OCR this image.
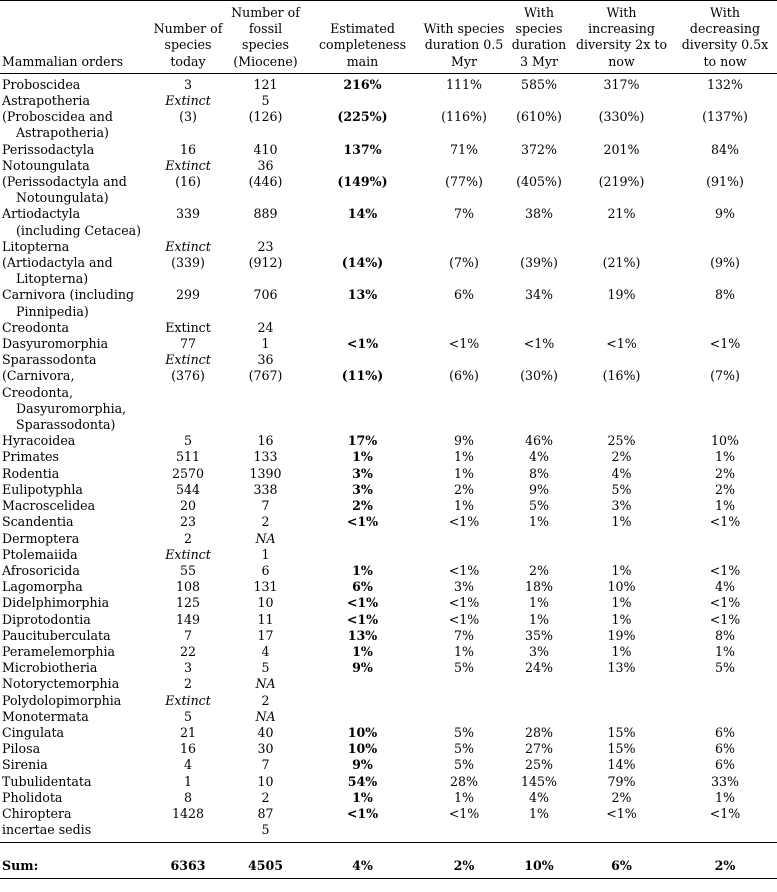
Mammalian orders	Number of species today	Number of fossil species (Miocene)	Estimated completeness main	With species duration 0.5 Myr	With species duration 3 Myr	With increasing diversity 2x to now	With decreasing diversity 0.5x to now
Proboscidea	3	121	216%	111%	585%	317%	132%
Astrapotheria	Extinct	5					
(Proboscidea and
Astrapotheria)	(3)	(126)	(225%)	(116%)	(610%)	(330%)	(137%)
Perissodactyla	16	410	137%	71%	372%	201%	84%
Notoungulata	Extinct	36					
(Perissodactyla and
Notoungulata)	(16)	(446)	(149%)	(77%)	(405%)	(219%)	(91%)
Artiodactyla
(including Cetacea)	339	889	14%	7%	38%	21%	9%
Litopterna	Extinct	23					
(Artiodactyla and
Litopterna)	(339)	(912)	(14%)	(7%)	(39%)	(21%)	(9%)
Carnivora (including
Pinnipedia)	299	706	13%	6%	34%	19%	8%
Creodonta	Extinct	24					
Dasyuromorphia	77	1	<1%	<1%	<1%	<1%	<1%
Sparassodonta	Extinct	36					
(Carnivora, Creodonta,
Dasyuromorphia,
Sparassodonta)	(376)	(767)	(11%)	(6%)	(30%)	(16%)	(7%)
Hyracoidea	5	16	17%	9%	46%	25%	10%
Primates	511	133	1%	1%	4%	2%	1%
Rodentia	2570	1390	3%	1%	8%	4%	2%
Eulipotyphla	544	338	3%	2%	9%	5%	2%
Macroscelidea	20	7	2%	1%	5%	3%	1%
Scandentia	23	2	<1%	<1%	1%	1%	<1%
Dermoptera	2	NA					
Ptolemaiida	Extinct	1					
Afrosoricida	55	6	1%	<1%	2%	1%	<1%
Lagomorpha	108	131	6%	3%	18%	10%	4%
Didelphimorphia	125	10	<1%	<1%	1%	1%	<1%
Diprotodontia	149	11	<1%	<1%	1%	1%	<1%
Paucituberculata	7	17	13%	7%	35%	19%	8%
Peramelemorphia	22	4	1%	1%	3%	1%	1%
Microbiotheria	3	5	9%	5%	24%	13%	5%
Notoryctemorphia	2	NA					
Polydolopimorphia	Extinct	2					
Monotermata	5	NA					
Cingulata	21	40	10%	5%	28%	15%	6%
Pilosa	16	30	10%	5%	27%	15%	6%
Sirenia	4	7	9%	5%	25%	14%	6%
Tubulidentata	1	10	54%	28%	145%	79%	33%
Pholidota	8	2	1%	1%	4%	2%	1%
Chiroptera	1428	87	<1%	<1%	1%	<1%	<1%
incertae sedis		5					

Sum:	6363	4505	4%	2%	10%	6%	2%
